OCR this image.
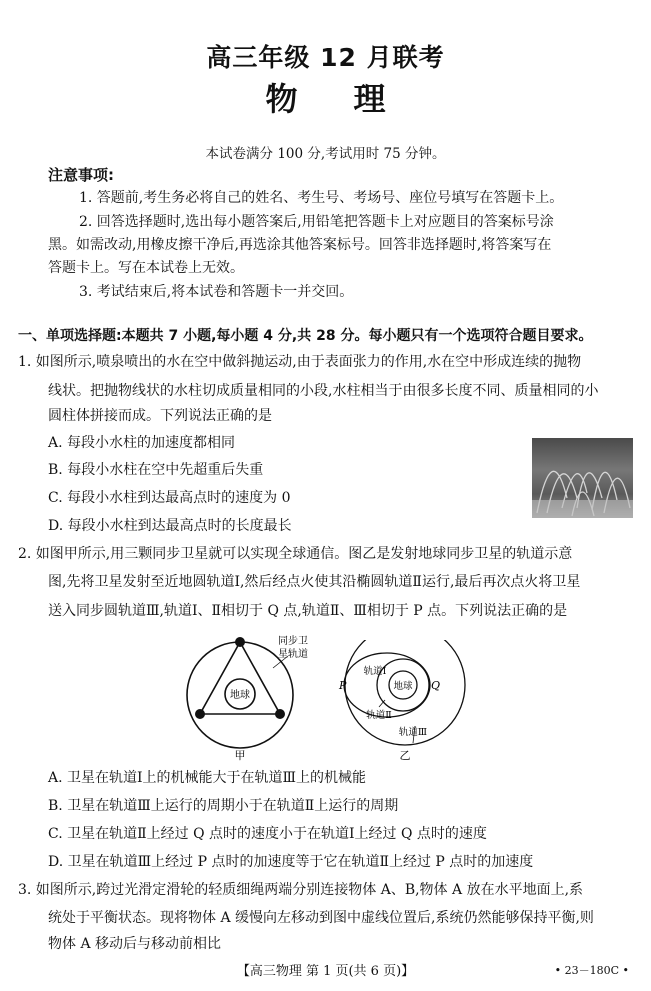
高三年级 12 月联考
物 理
本试卷满分 100 分,考试用时 75 分钟。
注意事项:
1. 答题前,考生务必将自己的姓名、考生号、考场号、座位号填写在答题卡上。
2. 回答选择题时,选出每小题答案后,用铅笔把答题卡上对应题目的答案标号涂
黑。如需改动,用橡皮擦干净后,再选涂其他答案标号。回答非选择题时,将答案写在
答题卡上。写在本试卷上无效。
3. 考试结束后,将本试卷和答题卡一并交回。
一、单项选择题:本题共 7 小题,每小题 4 分,共 28 分。每小题只有一个选项符合题目要求。
1. 如图所示,喷泉喷出的水在空中做斜抛运动,由于表面张力的作用,水在空中形成连续的抛物
线状。把抛物线状的水柱切成质量相同的小段,水柱相当于由很多长度不同、质量相同的小
圆柱体拼接而成。下列说法正确的是
A. 每段小水柱的加速度都相同
B. 每段小水柱在空中先超重后失重
C. 每段小水柱到达最高点时的速度为 0
D. 每段小水柱到达最高点时的长度最长
2. 如图甲所示,用三颗同步卫星就可以实现全球通信。图乙是发射地球同步卫星的轨道示意
图,先将卫星发射至近地圆轨道Ⅰ,然后经点火使其沿椭圆轨道Ⅱ运行,最后再次点火将卫星
送入同步圆轨道Ⅲ,轨道Ⅰ、Ⅱ相切于 Q 点,轨道Ⅱ、Ⅲ相切于 P 点。下列说法正确的是
地球
同步卫
星轨道
甲
地球
轨道Ⅰ
轨道Ⅱ
轨道Ⅲ
P	Q
乙
A. 卫星在轨道Ⅰ上的机械能大于在轨道Ⅲ上的机械能
B. 卫星在轨道Ⅲ上运行的周期小于在轨道Ⅱ上运行的周期
C. 卫星在轨道Ⅱ上经过 Q 点时的速度小于在轨道Ⅰ上经过 Q 点时的速度
D. 卫星在轨道Ⅲ上经过 P 点时的加速度等于它在轨道Ⅱ上经过 P 点时的加速度
3. 如图所示,跨过光滑定滑轮的轻质细绳两端分别连接物体 A、B,物体 A 放在水平地面上,系
统处于平衡状态。现将物体 A 缓慢向左移动到图中虚线位置后,系统仍然能够保持平衡,则
物体 A 移动后与移动前相比
【高三物理 第 1 页(共 6 页)】	• 23－180C •
